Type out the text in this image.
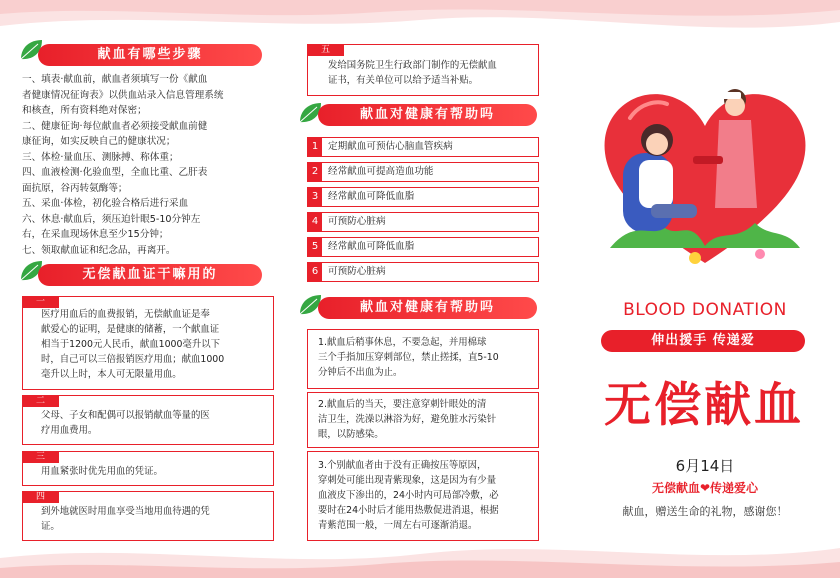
献血有哪些步骤
一、填表·献血前，献血者须填写一份《献血
者健康情况征询表》以供血站录入信息管理系统
和核查，所有资料绝对保密；
二、健康征询·每位献血者必须接受献血前健
康征询，如实反映自己的健康状况；
三、体检·量血压、测脉搏、称体重；
四、血液检测·化验血型，全血比重、乙肝表
面抗原，谷丙转氨酶等；
五、采血·体检，初化验合格后进行采血
六、休息·献血后，须压迫针眼5-10分钟左
右，在采血现场休息至少15分钟；
七、领取献血证和纪念品，再离开。
无偿献血证干嘛用的
一
医疗用血后的血费报销，无偿献血证是奉
献爱心的证明，是健康的储蓄，一个献血证
相当于1200元人民币，献血1000毫升以下
时，自己可以三倍报销医疗用血；献血1000
毫升以上时，本人可无限量用血。
二
父母、子女和配偶可以报销献血等量的医
疗用血费用。
三
用血紧张时优先用血的凭证。
四
到外地就医时用血享受当地用血待遇的凭
证。
五
发给国务院卫生行政部门制作的无偿献血
证书，有关单位可以给予适当补贴。
献血对健康有帮助吗
1	定期献血可预估心脑血管疾病
2	经常献血可提高造血功能
3	经常献血可降低血脂
4	可预防心脏病
5	经常献血可降低血脂
6	可预防心脏病
献血对健康有帮助吗
1.献血后稍事休息，不要急起，并用棉球
三个手指加压穿刺部位，禁止搓揉，直5-10
分钟后不出血为止。
2.献血后的当天，要注意穿刺针眼处的清
洁卫生，洗澡以淋浴为好，避免脏水污染针
眼，以防感染。
3.个别献血者由于没有正确按压等原因，
穿刺处可能出现青紫现象，这是因为有少量
血液皮下渗出的，24小时内可局部冷敷，必
要时在24小时后才能用热敷促进消退，根据
青紫范围一般，一周左右可逐渐消退。
BLOOD DONATION
伸出援手 传递爱
无偿献血
6月14日
无偿献血❤传递爱心
献血，赠送生命的礼物，感谢您！
